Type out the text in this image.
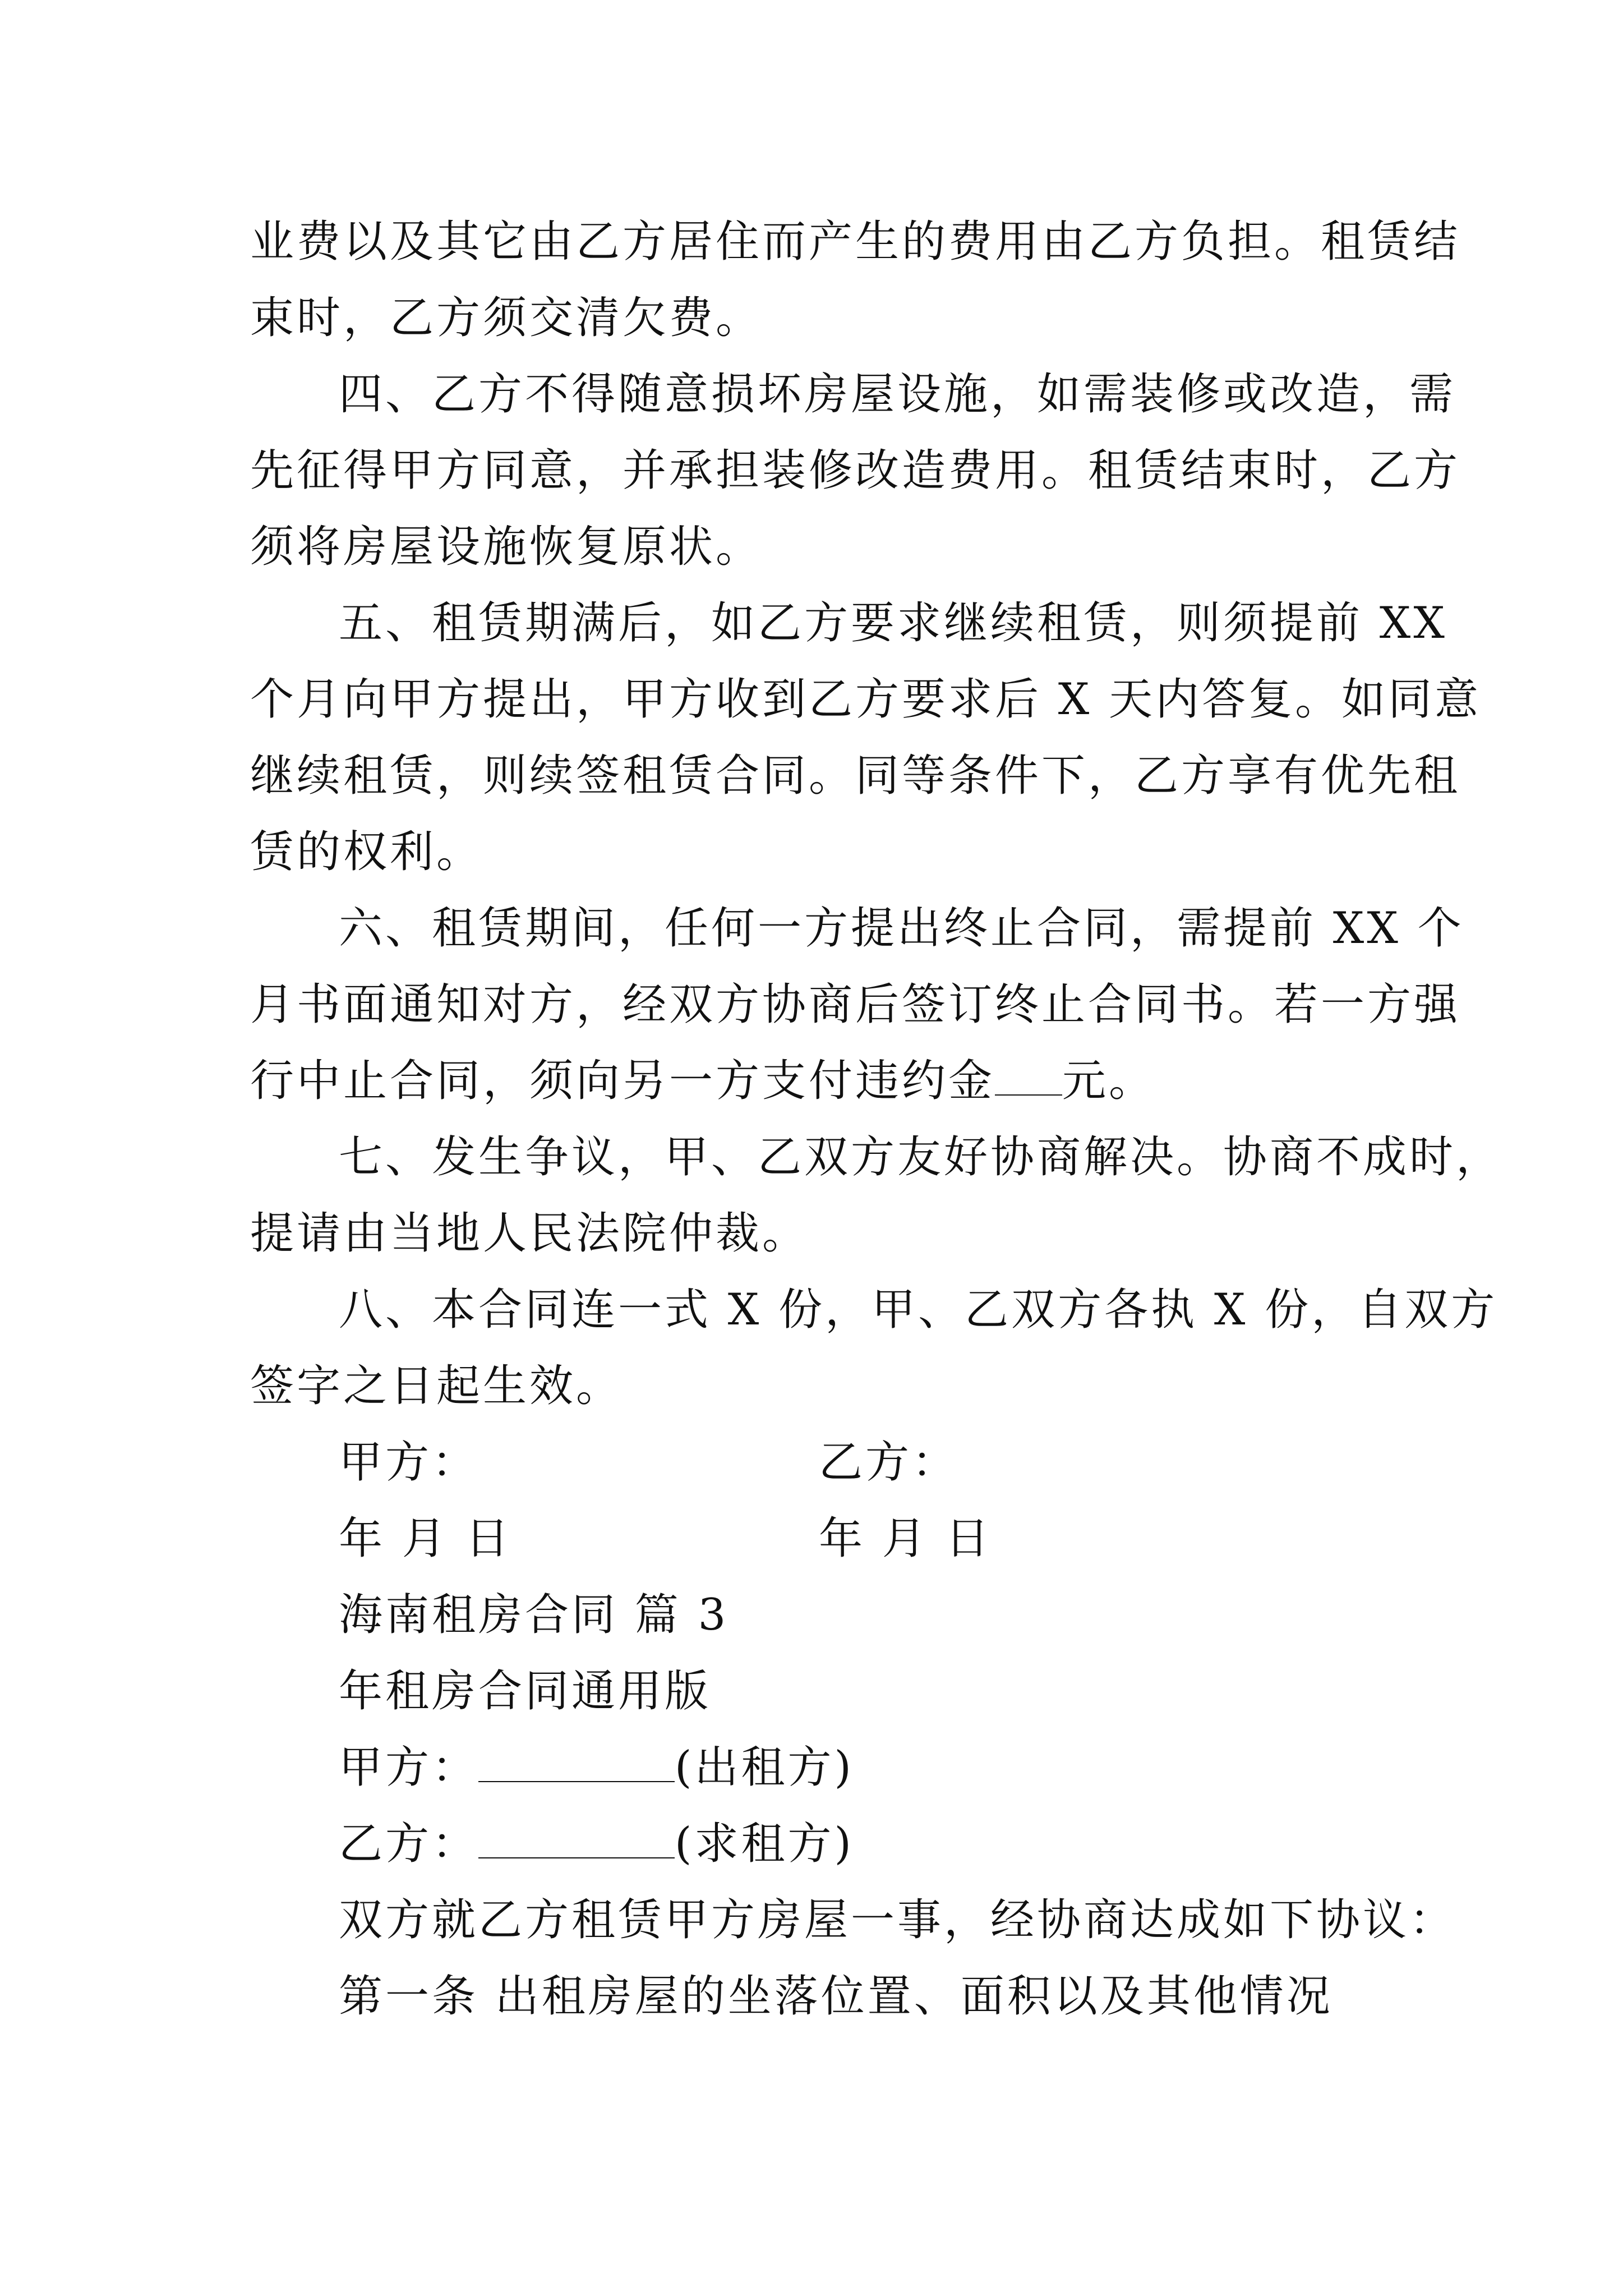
业费以及其它由乙方居住而产生的费用由乙方负担。租赁结
束时，乙方须交清欠费。
四、乙方不得随意损坏房屋设施，如需装修或改造，需
先征得甲方同意，并承担装修改造费用。租赁结束时，乙方
须将房屋设施恢复原状。
五、租赁期满后，如乙方要求继续租赁，则须提前 XX
个月向甲方提出，甲方收到乙方要求后 X 天内答复。如同意
继续租赁，则续签租赁合同。同等条件下，乙方享有优先租
赁的权利。
六、租赁期间，任何一方提出终止合同，需提前 XX 个
月书面通知对方，经双方协商后签订终止合同书。若一方强
行中止合同，须向另一方支付违约金 元。
七、发生争议，甲、乙双方友好协商解决。协商不成时，
提请由当地人民法院仲裁。
八、本合同连一式 X 份，甲、乙双方各执 X 份，自双方
签字之日起生效。
甲方：	乙方：
年 月 日	年 月 日
海南租房合同 篇 3
年租房合同通用版
甲方：	(出租方)
乙方：	(求租方)
双方就乙方租赁甲方房屋一事，经协商达成如下协议：
第一条 出租房屋的坐落位置、面积以及其他情况
